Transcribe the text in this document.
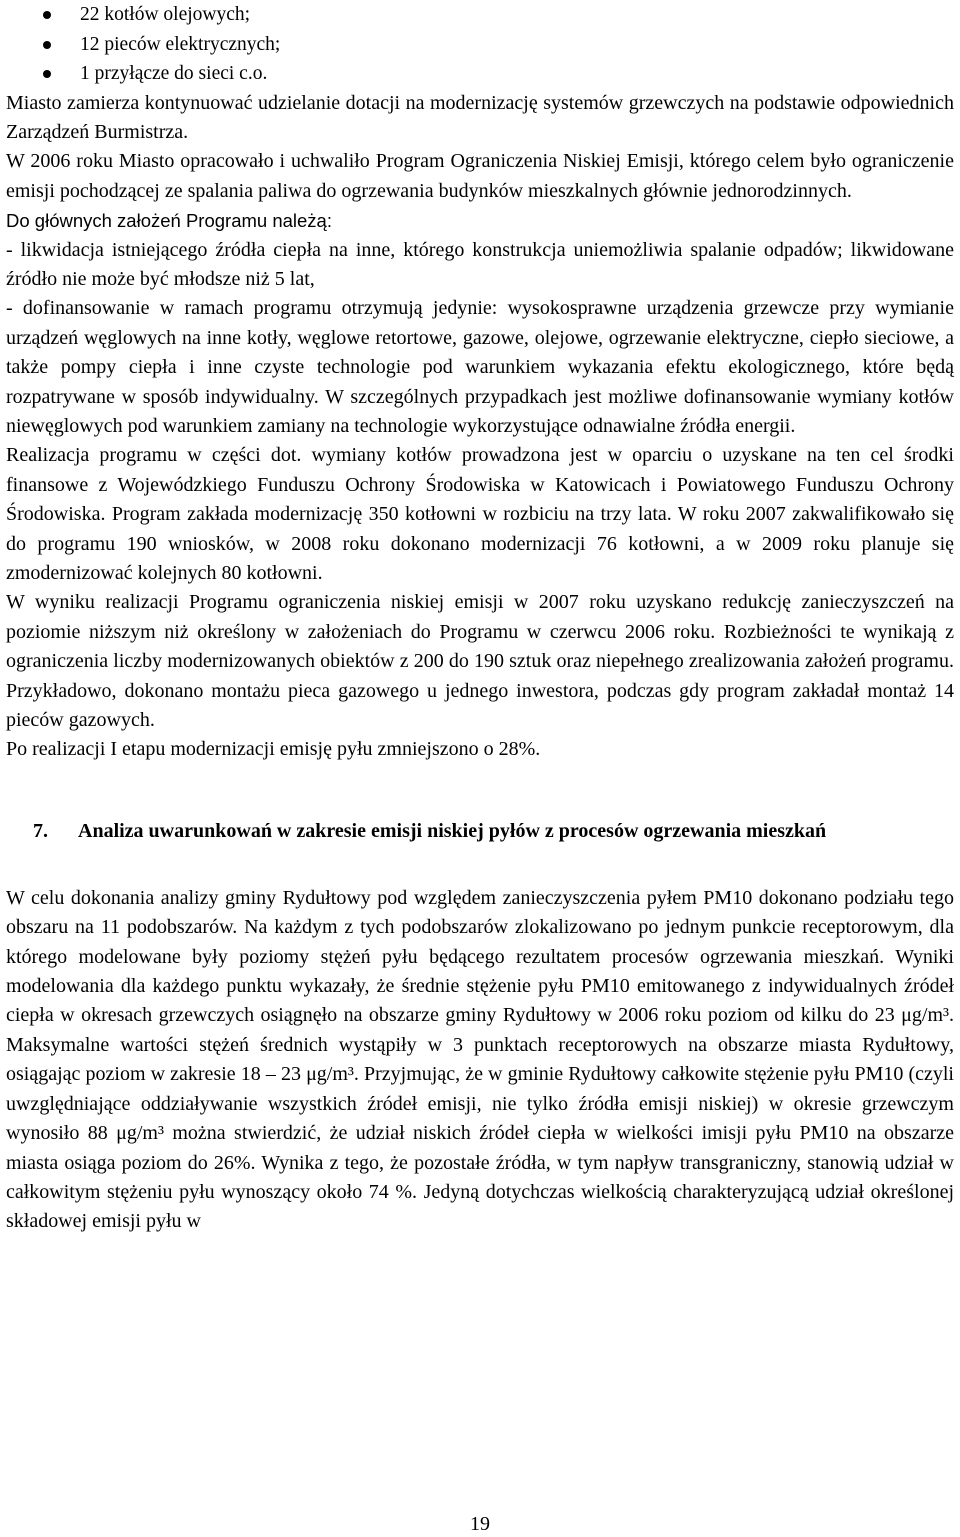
22 kotłów olejowych;
12 pieców elektrycznych;
1 przyłącze do sieci c.o.

Miasto zamierza kontynuować udzielanie dotacji na modernizację systemów grzewczych na podstawie odpowiednich Zarządzeń Burmistrza.

W 2006 roku Miasto opracowało i uchwaliło Program Ograniczenia Niskiej Emisji, którego celem było ograniczenie emisji pochodzącej ze spalania paliwa do ogrzewania budynków mieszkalnych głównie jednorodzinnych.

Do głównych założeń Programu należą:

- likwidacja istniejącego źródła ciepła na inne, którego konstrukcja uniemożliwia spalanie odpadów; likwidowane źródło nie może być młodsze niż 5 lat,

- dofinansowanie w ramach programu otrzymują jedynie: wysokosprawne urządzenia grzewcze przy wymianie urządzeń węglowych na inne kotły, węglowe retortowe, gazowe, olejowe, ogrzewanie elektryczne, ciepło sieciowe, a także pompy ciepła i inne czyste technologie pod warunkiem wykazania efektu ekologicznego, które będą rozpatrywane w sposób indywidualny. W szczególnych przypadkach jest możliwe dofinansowanie wymiany kotłów niewęglowych pod warunkiem zamiany na technologie wykorzystujące odnawialne źródła energii.

Realizacja programu w części dot. wymiany kotłów prowadzona jest w oparciu o uzyskane na ten cel środki finansowe z Wojewódzkiego Funduszu Ochrony Środowiska w Katowicach i Powiatowego Funduszu Ochrony Środowiska. Program zakłada modernizację 350 kotłowni w rozbiciu na trzy lata. W roku 2007 zakwalifikowało się do programu 190 wniosków, w 2008 roku dokonano modernizacji 76 kotłowni, a w 2009 roku planuje się zmodernizować kolejnych 80 kotłowni.

W wyniku realizacji Programu ograniczenia niskiej emisji w 2007 roku uzyskano redukcję zanieczyszczeń na poziomie niższym niż określony w założeniach do Programu w czerwcu 2006 roku. Rozbieżności te wynikają z ograniczenia liczby modernizowanych obiektów z 200 do 190 sztuk oraz niepełnego zrealizowania założeń programu. Przykładowo, dokonano montażu pieca gazowego u jednego inwestora, podczas gdy program zakładał montaż 14 pieców gazowych.

Po realizacji I etapu modernizacji emisję pyłu zmniejszono o 28%.

7. Analiza uwarunkowań w zakresie emisji niskiej pyłów z procesów ogrzewania mieszkań

W celu dokonania analizy gminy Rydułtowy pod względem zanieczyszczenia pyłem PM10 dokonano podziału tego obszaru na 11 podobszarów. Na każdym z tych podobszarów zlokalizowano po jednym punkcie receptorowym, dla którego modelowane były poziomy stężeń pyłu będącego rezultatem procesów ogrzewania mieszkań. Wyniki modelowania dla każdego punktu wykazały, że średnie stężenie pyłu PM10 emitowanego z indywidualnych źródeł ciepła w okresach grzewczych osiągnęło na obszarze gminy Rydułtowy w 2006 roku poziom od kilku do 23 μg/m³. Maksymalne wartości stężeń średnich wystąpiły w 3 punktach receptorowych na obszarze miasta Rydułtowy, osiągając poziom w zakresie 18 – 23 μg/m³. Przyjmując, że w gminie Rydułtowy całkowite stężenie pyłu PM10 (czyli uwzględniające oddziaływanie wszystkich źródeł emisji, nie tylko źródła emisji niskiej) w okresie grzewczym wynosiło 88 μg/m³ można stwierdzić, że udział niskich źródeł ciepła w wielkości imisji pyłu PM10 na obszarze miasta osiąga poziom do 26%. Wynika z tego, że pozostałe źródła, w tym napływ transgraniczny, stanowią udział w całkowitym stężeniu pyłu wynoszący około 74 %. Jedyną dotychczas wielkością charakteryzującą udział określonej składowej emisji pyłu w

19
